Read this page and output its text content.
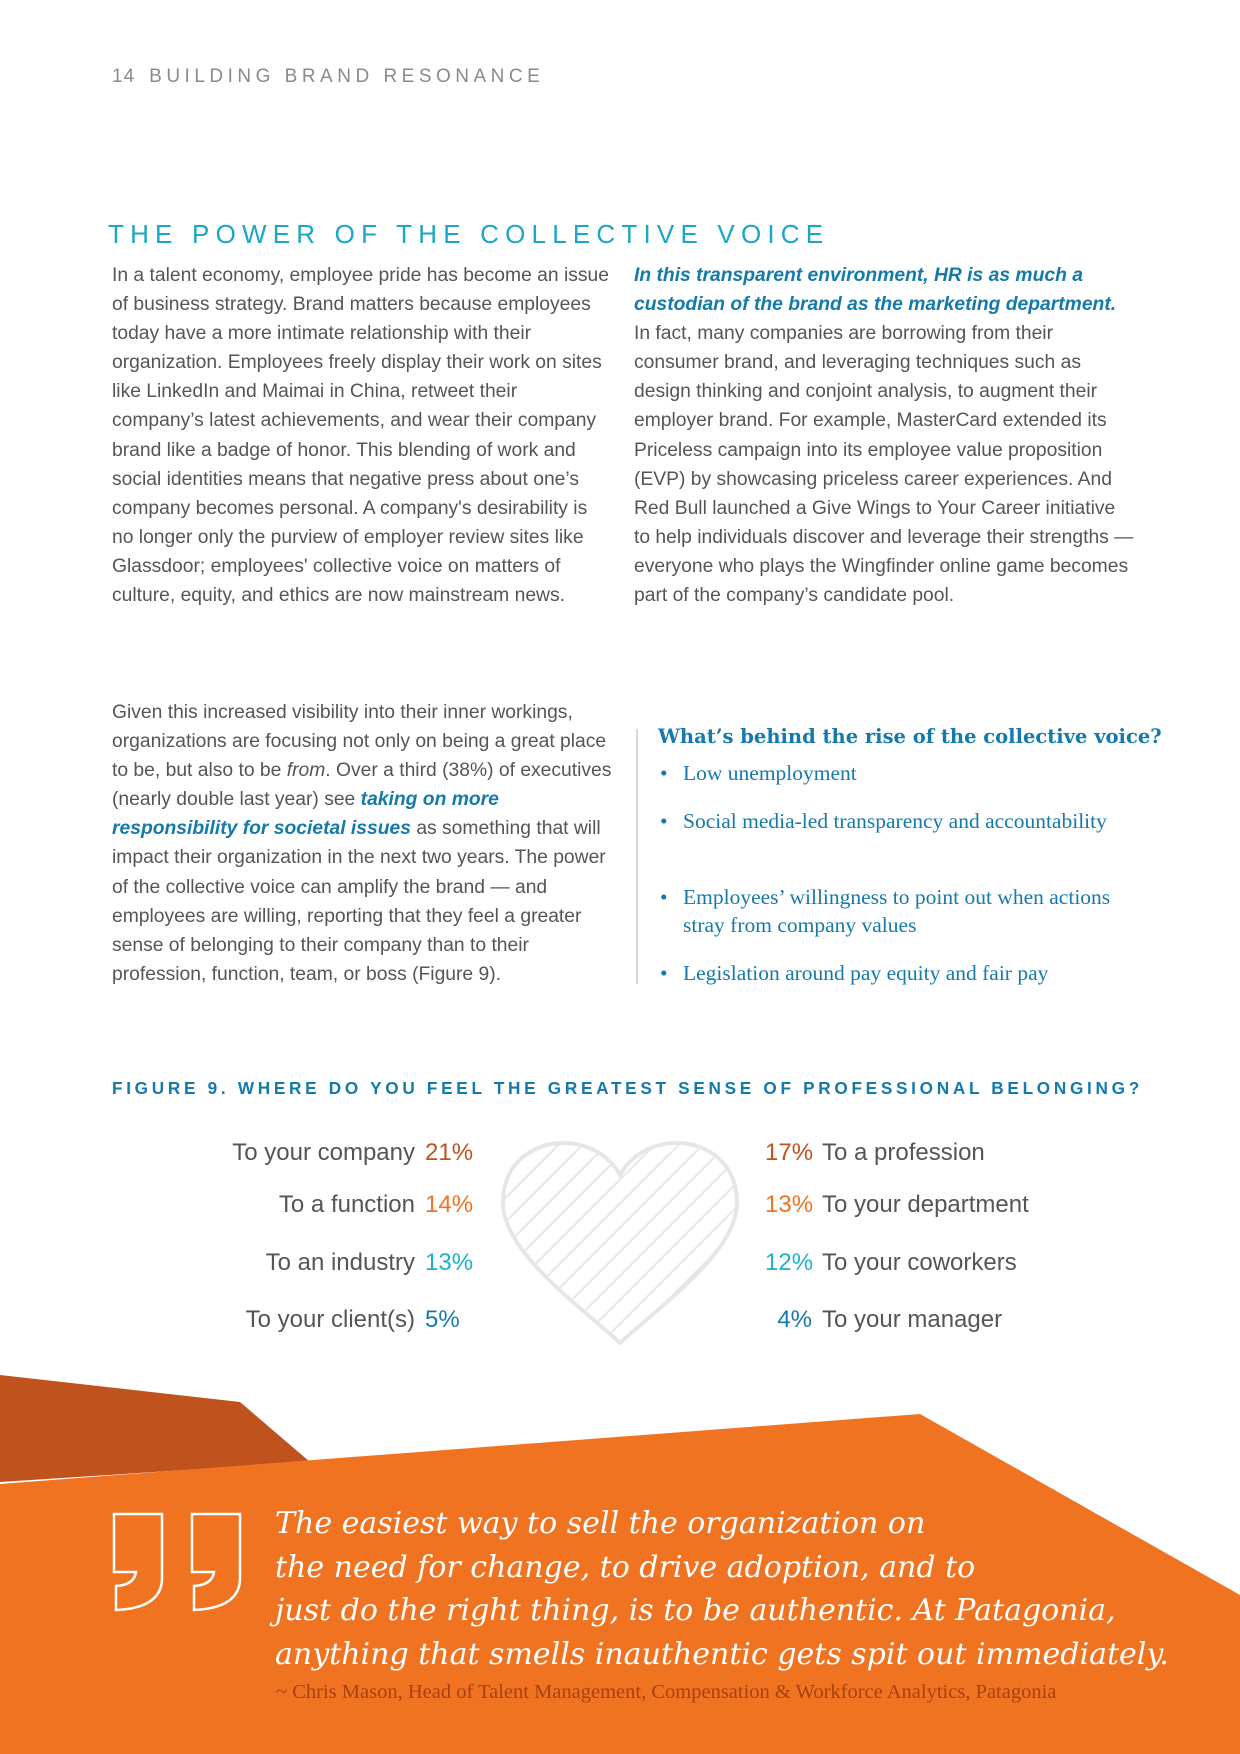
14 BUILDING BRAND RESONANCE
THE POWER OF THE COLLECTIVE VOICE

In a talent economy, employee pride has become an issue of business strategy. Brand matters because employees today have a more intimate relationship with their organization. Employees freely display their work on sites like LinkedIn and Maimai in China, retweet their company’s latest achievements, and wear their company brand like a badge of honor. This blending of work and social identities means that negative press about one’s company becomes personal. A company's desirability is no longer only the purview of employer review sites like Glassdoor; employees' collective voice on matters of culture, equity, and ethics are now mainstream news.

Given this increased visibility into their inner workings, organizations are focusing not only on being a great place to be, but also to be from. Over a third (38%) of executives (nearly double last year) see taking on more responsibility for societal issues as something that will impact their organization in the next two years. The power of the collective voice can amplify the brand — and employees are willing, reporting that they feel a greater sense of belonging to their company than to their profession, function, team, or boss (Figure 9).

In this transparent environment, HR is as much a custodian of the brand as the marketing department. In fact, many companies are borrowing from their consumer brand, and leveraging techniques such as design thinking and conjoint analysis, to augment their employer brand. For example, MasterCard extended its Priceless campaign into its employee value proposition (EVP) by showcasing priceless career experiences. And Red Bull launched a Give Wings to Your Career initiative to help individuals discover and leverage their strengths — everyone who plays the Wingfinder online game becomes part of the company’s candidate pool.

What’s behind the rise of the collective voice?
• Low unemployment
• Social media-led transparency and accountability
• Employees’ willingness to point out when actions stray from company values
• Legislation around pay equity and fair pay
FIGURE 9. WHERE DO YOU FEEL THE GREATEST SENSE OF PROFESSIONAL BELONGING?
To your company 21%
To a function 14%
To an industry 13%
To your client(s) 5%
17% To a profession
13% To your department
12% To your coworkers
4% To your manager
The easiest way to sell the organization on
the need for change, to drive adoption, and to
just do the right thing, is to be authentic. At Patagonia,
anything that smells inauthentic gets spit out immediately.
~ Chris Mason, Head of Talent Management, Compensation & Workforce Analytics, Patagonia
